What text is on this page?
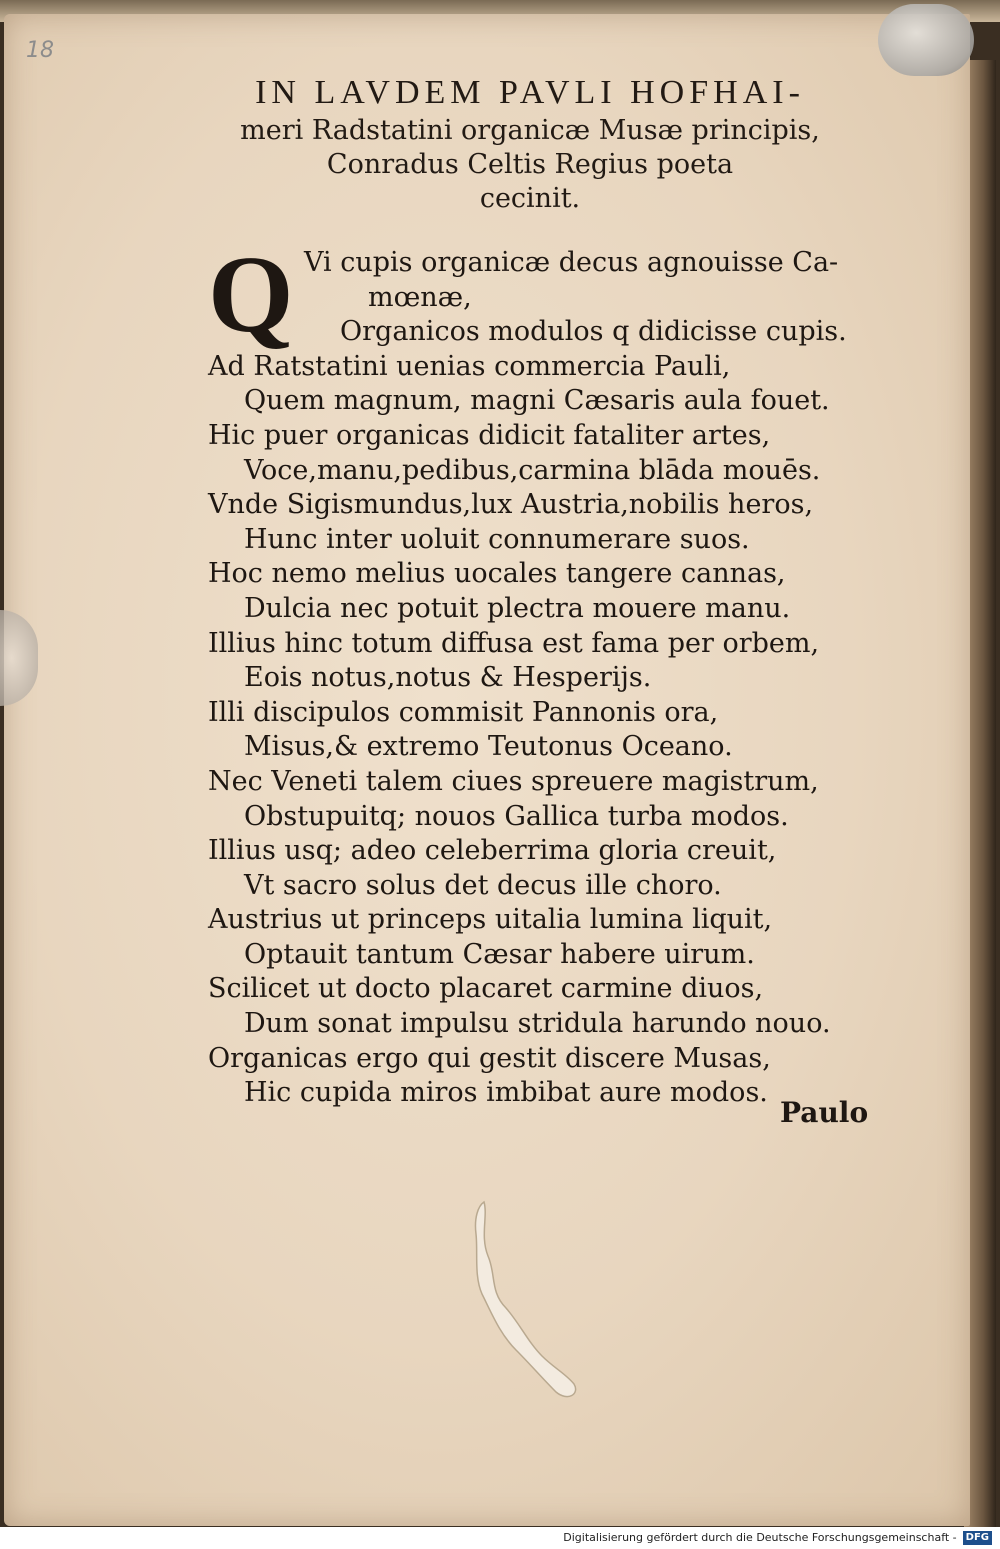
18
IN LAVDEM PAVLI HOFHAI-
meri Radstatini organicæ Musæ principis,
Conradus Celtis Regius poeta
cecinit.
Q Vi cupis organicæ decus agnouisse Ca-
mœnæ,
Organicos modulos q didicisse cupis.
Ad Ratstatini uenias commercia Pauli,
Quem magnum, magni Cæsaris aula fouet.
Hic puer organicas didicit fataliter artes,
Voce,manu,pedibus,carmina blāda mouēs.
Vnde Sigismundus,lux Austria,nobilis heros,
Hunc inter uoluit connumerare suos.
Hoc nemo melius uocales tangere cannas,
Dulcia nec potuit plectra mouere manu.
Illius hinc totum diffusa est fama per orbem,
Eois notus,notus & Hesperijs.
Illi discipulos commisit Pannonis ora,
Misus,& extremo Teutonus Oceano.
Nec Veneti talem ciues spreuere magistrum,
Obstupuitq; nouos Gallica turba modos.
Illius usq; adeo celeberrima gloria creuit,
Vt sacro solus det decus ille choro.
Austrius ut princeps uitalia lumina liquit,
Optauit tantum Cæsar habere uirum.
Scilicet ut docto placaret carmine diuos,
Dum sonat impulsu stridula harundo nouo.
Organicas ergo qui gestit discere Musas,
Hic cupida miros imbibat aure modos.
Paulo
Digitalisierung gefördert durch die Deutsche Forschungsgemeinschaft - DFG
